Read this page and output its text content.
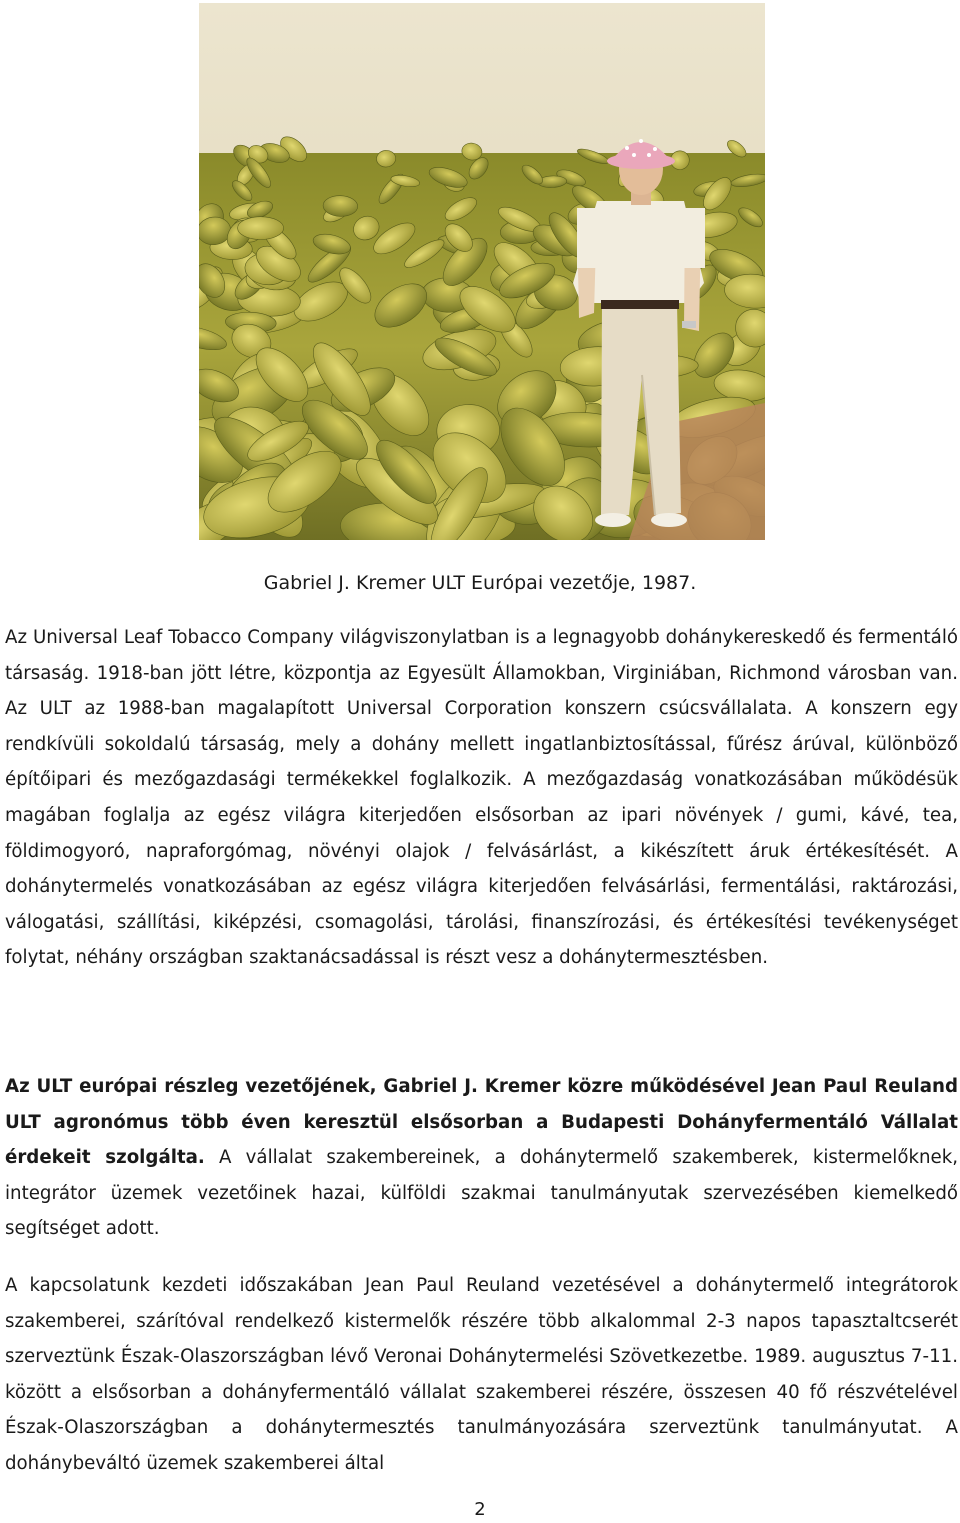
Gabriel J. Kremer ULT Európai vezetője, 1987.
Az Universal Leaf Tobacco Company világviszonylatban is a legnagyobb dohánykereskedő és fermentáló társaság. 1918-ban jött létre, központja az Egyesült Államokban, Virginiában, Richmond városban van. Az ULT az 1988-ban magalapított Universal Corporation konszern csúcsvállalata. A konszern egy rendkívüli sokoldalú társaság, mely a dohány mellett ingatlanbiztosítással, fűrész árúval, különböző építőipari és mezőgazdasági termékekkel foglalkozik. A mezőgazdaság vonatkozásában működésük magában foglalja az egész világra kiterjedően elsősorban az ipari növények / gumi, kávé, tea, földimogyoró, napraforgómag, növényi olajok / felvásárlást, a kikészített áruk értékesítését. A dohánytermelés vonatkozásában az egész világra kiterjedően felvásárlási, fermentálási, raktározási, válogatási, szállítási, kiképzési, csomagolási, tárolási, finanszírozási, és értékesítési tevékenységet folytat, néhány országban szaktanácsadással is részt vesz a dohánytermesztésben.
Az ULT európai részleg vezetőjének, Gabriel J. Kremer közre működésével Jean Paul Reuland ULT agronómus több éven keresztül elsősorban a Budapesti Dohányfermentáló Vállalat érdekeit szolgálta. A vállalat szakembereinek, a dohánytermelő szakemberek, kistermelőknek, integrátor üzemek vezetőinek hazai, külföldi szakmai tanulmányutak szervezésében kiemelkedő segítséget adott.
A kapcsolatunk kezdeti időszakában Jean Paul Reuland vezetésével a dohánytermelő integrátorok szakemberei, szárítóval rendelkező kistermelők részére több alkalommal 2-3 napos tapasztaltcserét szerveztünk Észak-Olaszországban lévő Veronai Dohánytermelési Szövetkezetbe. 1989. augusztus 7-11. között a elsősorban a dohányfermentáló vállalat szakemberei részére, összesen 40 fő részvételével Észak-Olaszországban a dohánytermesztés tanulmányozására szerveztünk tanulmányutat. A dohánybeváltó üzemek szakemberei által
2
